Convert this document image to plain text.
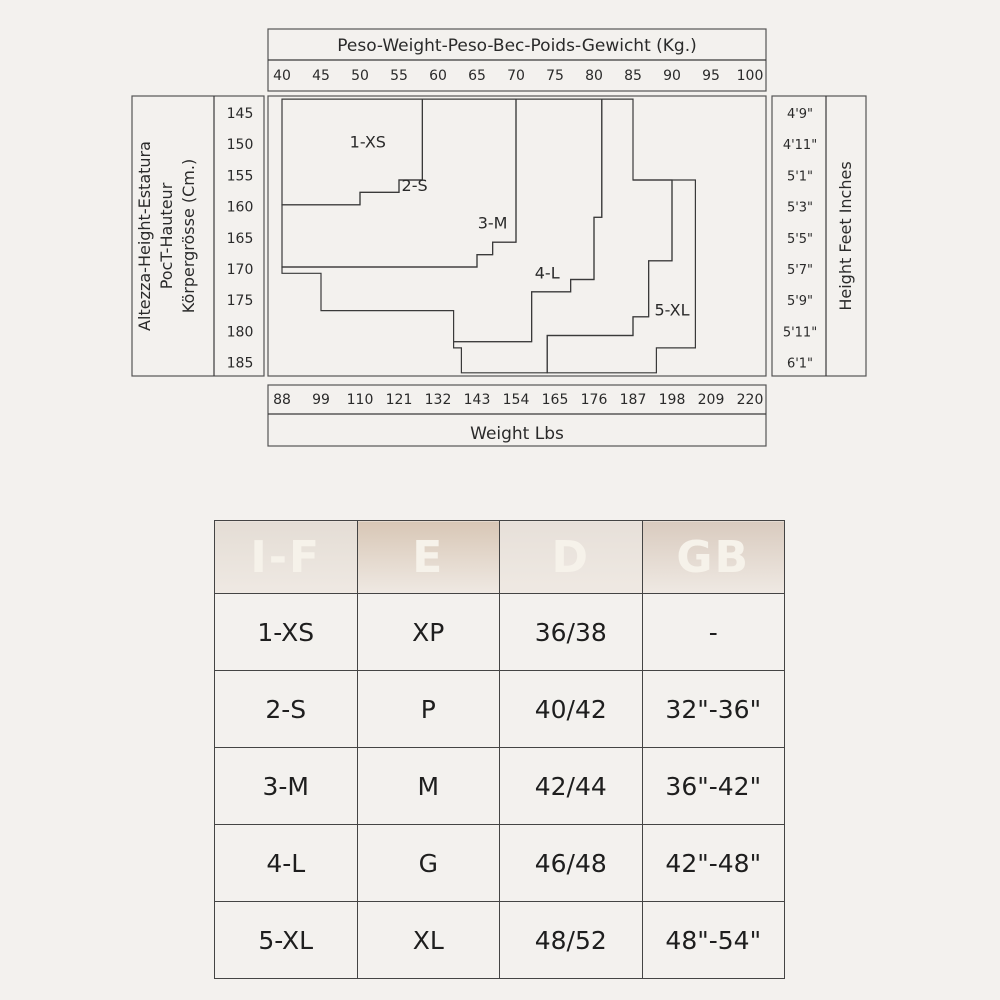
Peso-Weight-Peso-Bec-Poids-Gewicht (Kg.)
40 45 50 55 60 65 70 75 80 85 90 95 100
Weight Lbs
88 99 110 121 132 143 154 165 176 187 198 209 220
Altezza-Height-Estatura PocT-Hauteur Körpergrösse (Cm.)
145
150
155
160
165
170
175
180
185
Height Feet Inches
4'9"
4'11"
5'1"
5'3"
5'5"
5'7"
5'9"
5'11"
6'1"
1-XS
2-S
3-M
4-L
5-XL
I-F	E	D	GB
1-XS	XP	36/38	-
2-S	P	40/42	32"-36"
3-M	M	42/44	36"-42"
4-L	G	46/48	42"-48"
5-XL	XL	48/52	48"-54"
